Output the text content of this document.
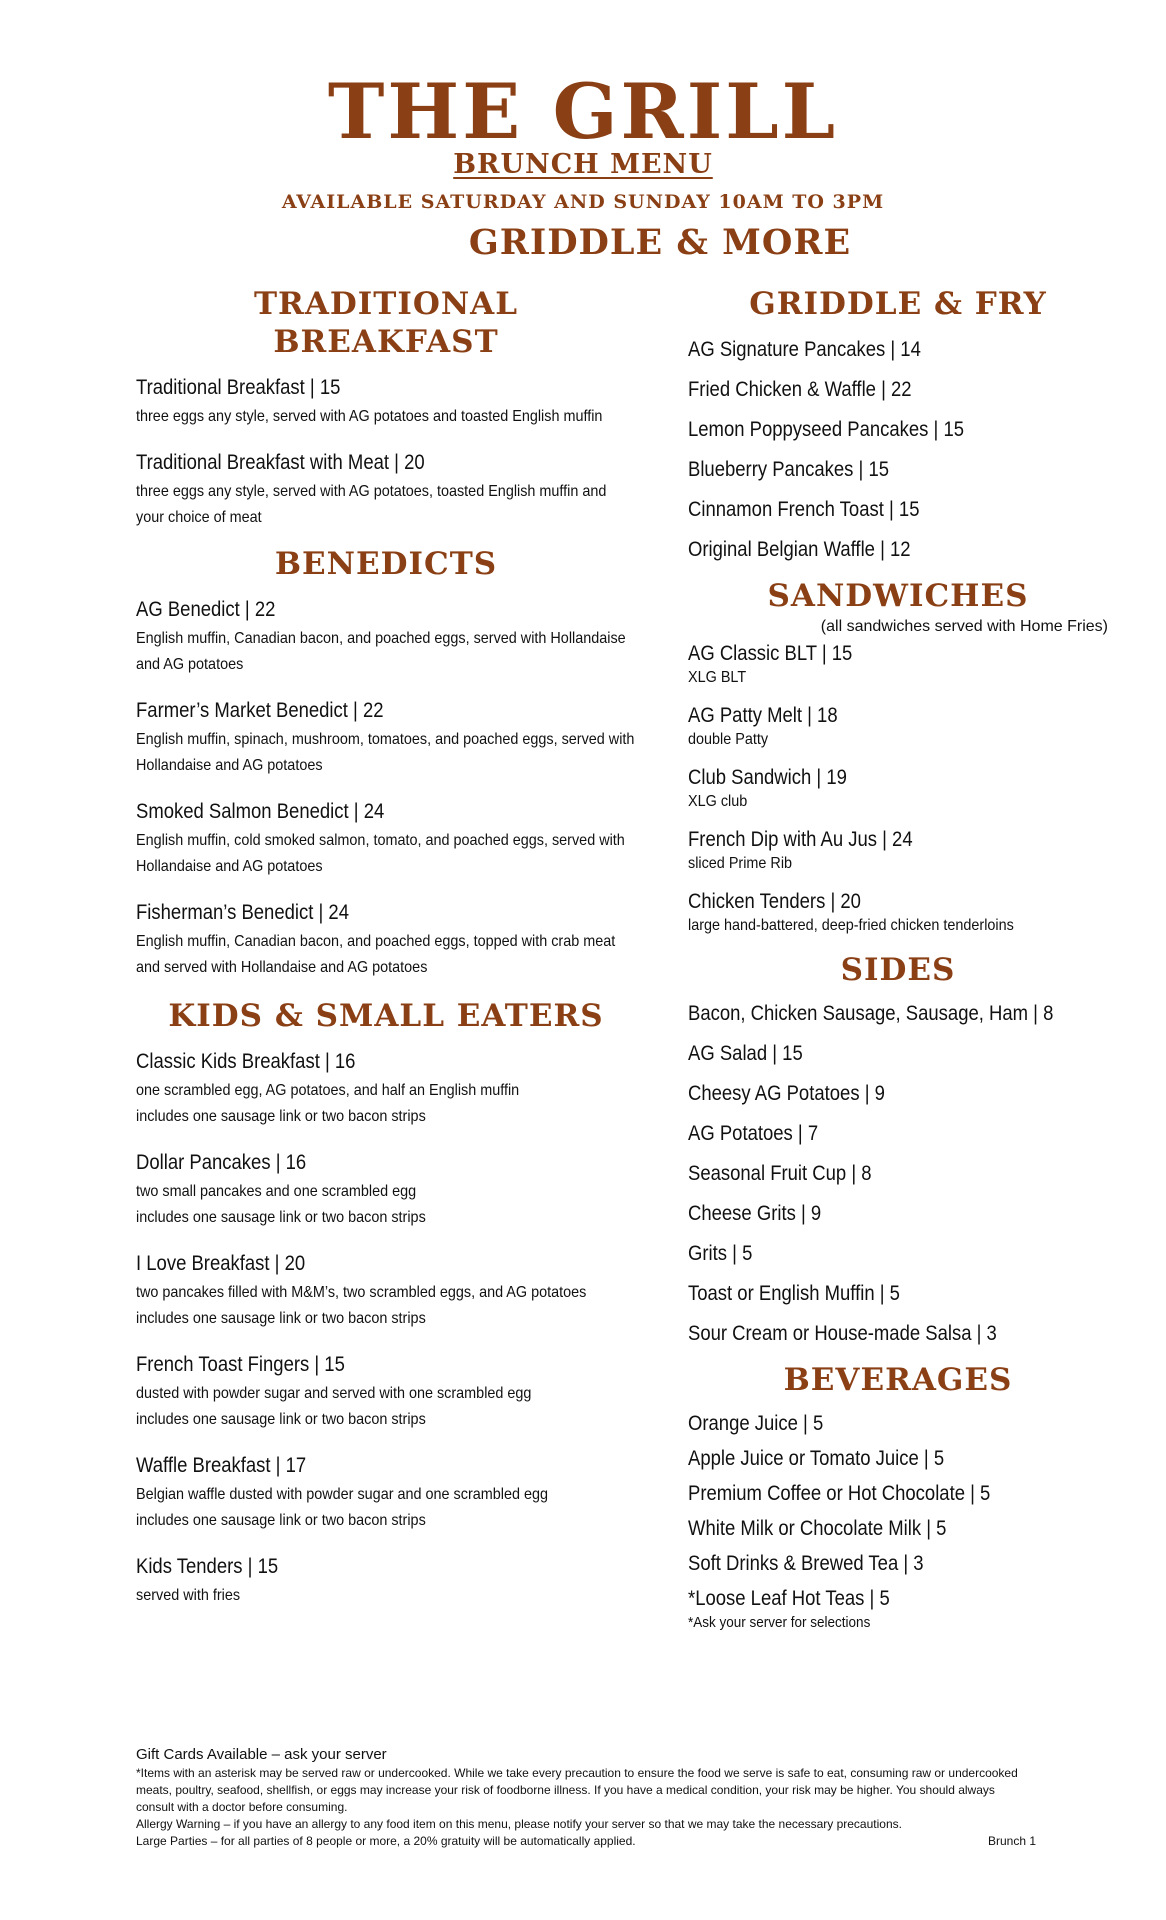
THE GRILL
BRUNCH MENU
AVAILABLE SATURDAY AND SUNDAY 10AM TO 3PM
GRIDDLE & MORE
TRADITIONAL
BREAKFAST
Traditional Breakfast | 15
three eggs any style, served with AG potatoes and toasted English muffin
Traditional Breakfast with Meat | 20
three eggs any style, served with AG potatoes, toasted English muffin and your choice of meat
BENEDICTS
AG Benedict | 22
English muffin, Canadian bacon, and poached eggs, served with Hollandaise and AG potatoes
Farmer’s Market Benedict | 22
English muffin, spinach, mushroom, tomatoes, and poached eggs, served with Hollandaise and AG potatoes
Smoked Salmon Benedict | 24
English muffin, cold smoked salmon, tomato, and poached eggs, served with Hollandaise and AG potatoes
Fisherman’s Benedict | 24
English muffin, Canadian bacon, and poached eggs, topped with crab meat and served with Hollandaise and AG potatoes
KIDS & SMALL EATERS
Classic Kids Breakfast | 16
one scrambled egg, AG potatoes, and half an English muffin
includes one sausage link or two bacon strips
Dollar Pancakes | 16
two small pancakes and one scrambled egg
includes one sausage link or two bacon strips
I Love Breakfast | 20
two pancakes filled with M&M’s, two scrambled eggs, and AG potatoes
includes one sausage link or two bacon strips
French Toast Fingers | 15
dusted with powder sugar and served with one scrambled egg
includes one sausage link or two bacon strips
Waffle Breakfast | 17
Belgian waffle dusted with powder sugar and one scrambled egg
includes one sausage link or two bacon strips
Kids Tenders | 15
served with fries
GRIDDLE & FRY
AG Signature Pancakes | 14
Fried Chicken & Waffle | 22
Lemon Poppyseed Pancakes | 15
Blueberry Pancakes | 15
Cinnamon French Toast | 15
Original Belgian Waffle | 12
SANDWICHES
(all sandwiches served with Home Fries)
AG Classic BLT | 15
XLG BLT
AG Patty Melt | 18
double Patty
Club Sandwich | 19
XLG club
French Dip with Au Jus | 24
sliced Prime Rib
Chicken Tenders | 20
large hand-battered, deep-fried chicken tenderloins
SIDES
Bacon, Chicken Sausage, Sausage, Ham | 8
AG Salad | 15
Cheesy AG Potatoes | 9
AG Potatoes | 7
Seasonal Fruit Cup | 8
Cheese Grits | 9
Grits | 5
Toast or English Muffin | 5
Sour Cream or House-made Salsa | 3
BEVERAGES
Orange Juice | 5
Apple Juice or Tomato Juice | 5
Premium Coffee or Hot Chocolate | 5
White Milk or Chocolate Milk | 5
Soft Drinks & Brewed Tea | 3
*Loose Leaf Hot Teas | 5
*Ask your server for selections
Gift Cards Available – ask your server
*Items with an asterisk may be served raw or undercooked. While we take every precaution to ensure the food we serve is safe to eat, consuming raw or undercooked meats, poultry, seafood, shellfish, or eggs may increase your risk of foodborne illness. If you have a medical condition, your risk may be higher. You should always consult with a doctor before consuming.
Allergy Warning – if you have an allergy to any food item on this menu, please notify your server so that we may take the necessary precautions.
Large Parties – for all parties of 8 people or more, a 20% gratuity will be automatically applied.	Brunch 1
